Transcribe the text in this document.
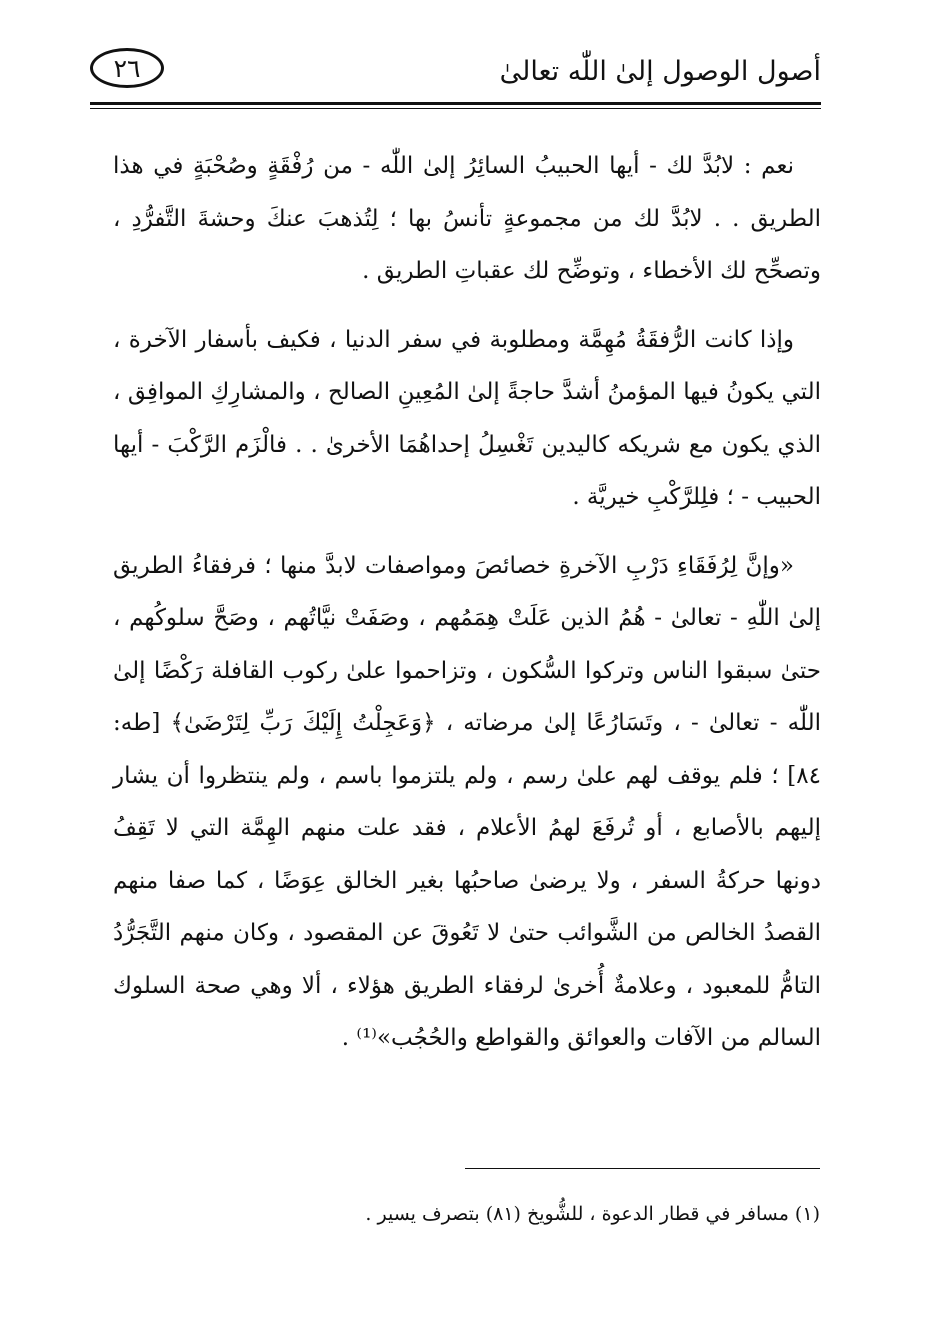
أصول الوصول إلىٰ اللّٰه تعالىٰ
٢٦

نعم : لابُدَّ لك - أيها الحبيبُ السائِرُ إلىٰ اللّٰه - من رُفْقَةٍ وصُحْبَةٍ في هذا الطريق . . لابُدَّ لك من مجموعةٍ تأنسُ بها ؛ لِتُذهبَ عنكَ وحشةَ التَّفرُّدِ ، وتصحِّح لك الأخطاء ، وتوضِّح لك عقباتِ الطريق .

وإذا كانت الرُّفقَةُ مُهِمَّة ومطلوبة في سفر الدنيا ، فكيف بأسفار الآخرة ، التي يكونُ فيها المؤمنُ أشدَّ حاجةً إلىٰ المُعِينِ الصالح ، والمشارِكِ الموافِق ، الذي يكون مع شريكه كاليدين تَغْسِلُ إحداهُمَا الأخرىٰ . . فالْزَم الرَّكْبَ - أيها الحبيب - ؛ فلِلرَّكْبِ خيريَّة .

«وإنَّ لِرُفَقَاءِ دَرْبِ الآخرةِ خصائصَ ومواصفات لابدَّ منها ؛ فرفقاءُ الطريق إلىٰ اللّٰهِ - تعالىٰ - هُمُ الذين عَلَتْ هِمَمُهم ، وصَفَتْ نيَّاتُهم ، وصَحَّ سلوكُهم ، حتىٰ سبقوا الناس وتركوا السُّكون ، وتزاحموا علىٰ ركوب القافلة رَكْضًا إلىٰ اللّٰه - تعالىٰ - ، وتَسَارُعًا إلىٰ مرضاته ، ﴿وَعَجِلْتُ إِلَيْكَ رَبِّ لِتَرْضَىٰ﴾ [طه: ٨٤] ؛ فلم يوقف لهم علىٰ رسم ، ولم يلتزموا باسم ، ولم ينتظروا أن يشار إليهم بالأصابع ، أو تُرفَعَ لهمُ الأعلام ، فقد علت منهم الهِمَّة التي لا تَقِفُ دونها حركةُ السفر ، ولا يرضىٰ صاحبُها بغير الخالق عِوَضًا ، كما صفا منهم القصدُ الخالص من الشَّوائب حتىٰ لا تَعُوقَ عن المقصود ، وكان منهم التَّجَرُّدُ التامُّ للمعبود ، وعلامةٌ أُخرىٰ لرفقاء الطريق هؤلاء ، ألا وهي صحة السلوك السالم من الآفات والعوائق والقواطع والحُجُب»⁽¹⁾ .

(١) مسافر في قطار الدعوة ، للشُّويخ (٨١) بتصرف يسير .
